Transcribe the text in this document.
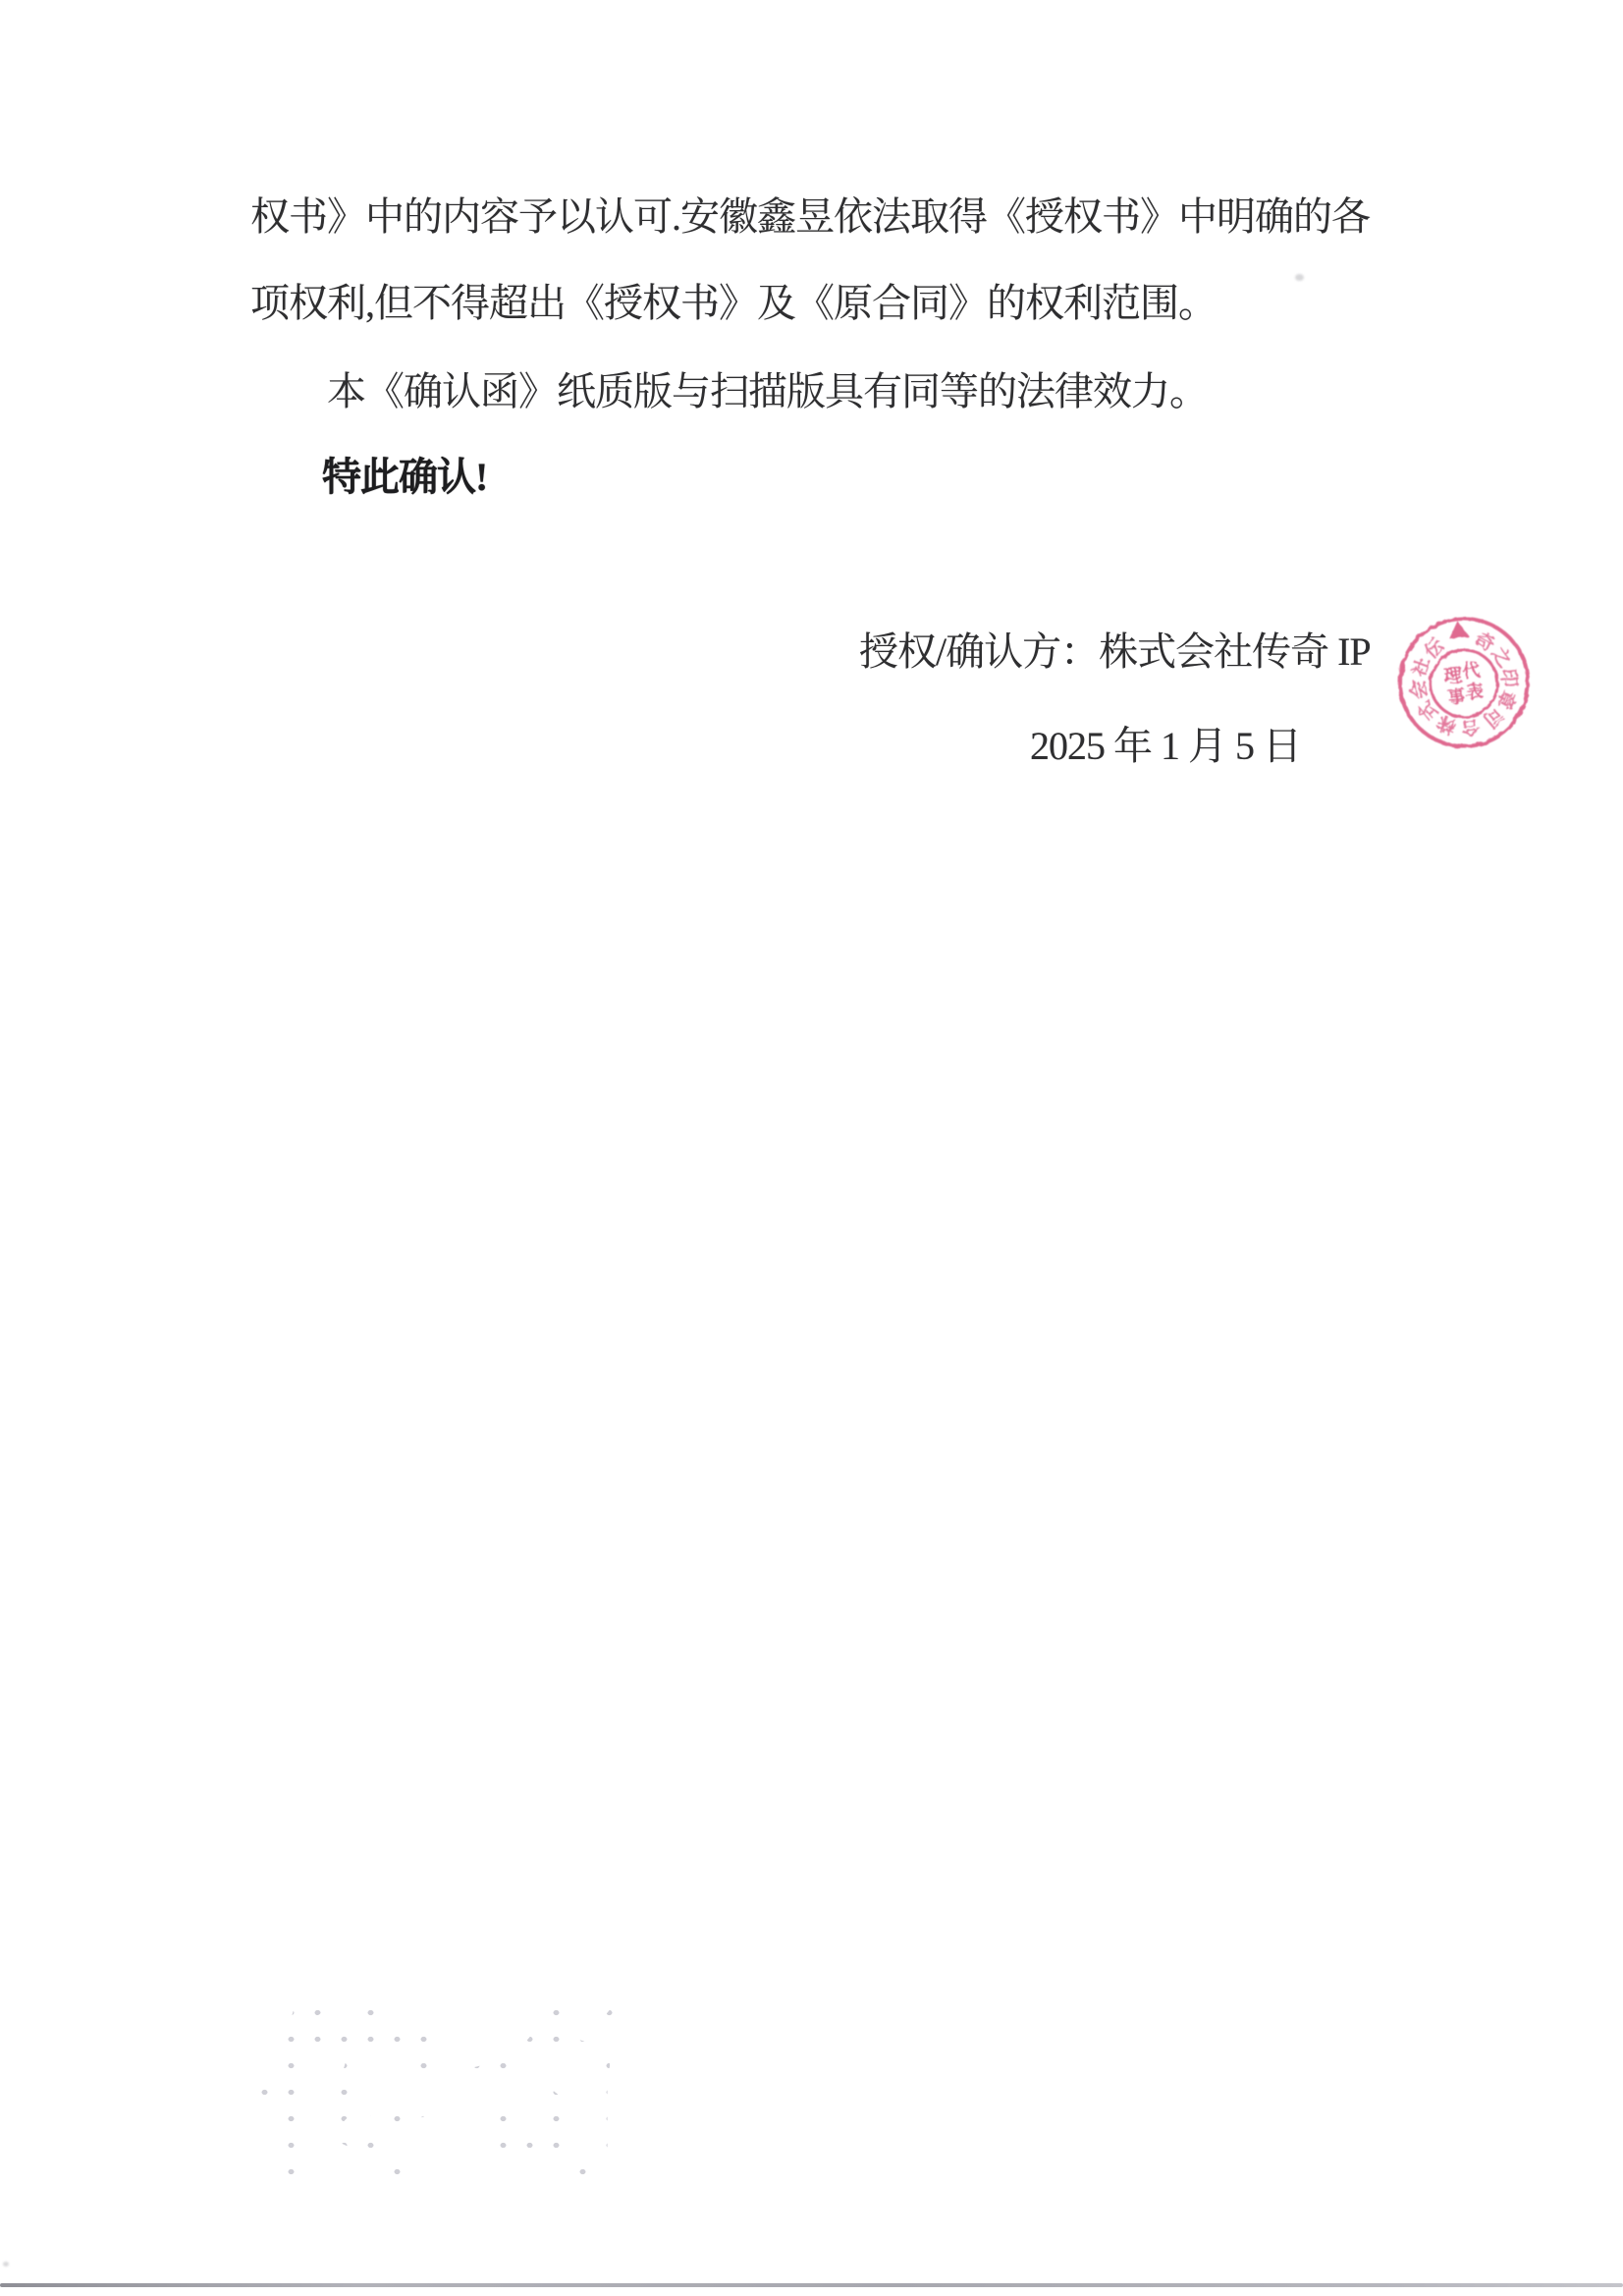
权书》中的内容予以认可.安徽鑫昱依法取得《授权书》中明确的各
项权利,但不得超出《授权书》及《原合同》的权利范围。
本《确认函》纸质版与扫描版具有同等的法律效力。
特此确认!
授权/确认方：株式会社传奇 IP
2025 年 1 月 5 日	株
式
会
社
伝 奇
之
印
章
司
合
代
表
理
事
传奇
